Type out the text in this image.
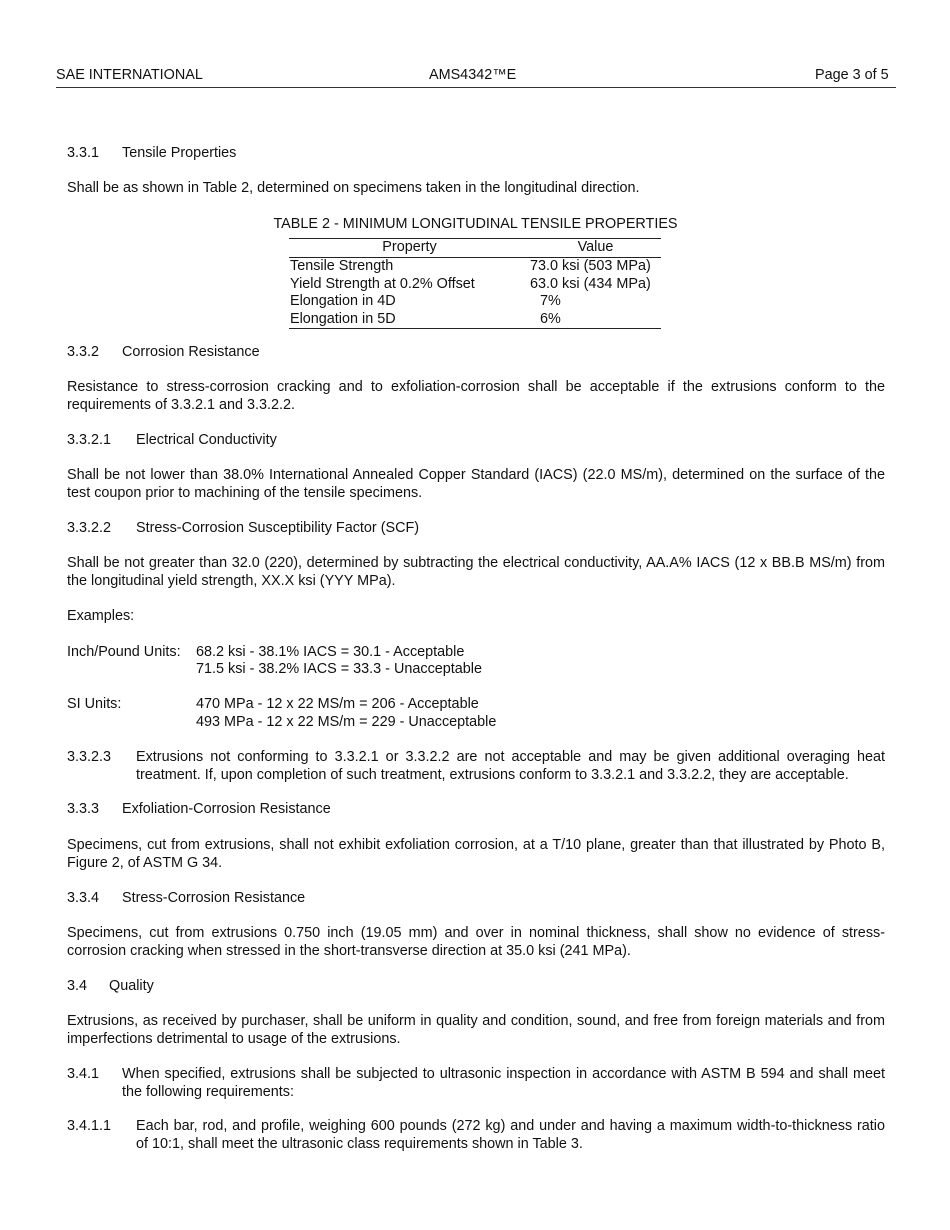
SAE INTERNATIONAL	AMS4342™E	Page 3 of 5
3.3.1 Tensile Properties
Shall be as shown in Table 2, determined on specimens taken in the longitudinal direction.
TABLE 2 - MINIMUM LONGITUDINAL TENSILE PROPERTIES
Property	Value
Tensile Strength	73.0 ksi (503 MPa)
Yield Strength at 0.2% Offset	63.0 ksi (434 MPa)
Elongation in 4D	7%
Elongation in 5D	6%
3.3.2 Corrosion Resistance
Resistance to stress-corrosion cracking and to exfoliation-corrosion shall be acceptable if the extrusions conform to the requirements of 3.3.2.1 and 3.3.2.2.
3.3.2.1 Electrical Conductivity
Shall be not lower than 38.0% International Annealed Copper Standard (IACS) (22.0 MS/m), determined on the surface of the test coupon prior to machining of the tensile specimens.
3.3.2.2 Stress-Corrosion Susceptibility Factor (SCF)
Shall be not greater than 32.0 (220), determined by subtracting the electrical conductivity, AA.A% IACS (12 x BB.B MS/m) from the longitudinal yield strength, XX.X ksi (YYY MPa).
Examples:
Inch/Pound Units: 68.2 ksi - 38.1% IACS = 30.1 - Acceptable
71.5 ksi - 38.2% IACS = 33.3 - Unacceptable
SI Units:	470 MPa - 12 x 22 MS/m = 206 - Acceptable
493 MPa - 12 x 22 MS/m = 229 - Unacceptable
3.3.2.3 Extrusions not conforming to 3.3.2.1 or 3.3.2.2 are not acceptable and may be given additional overaging heat treatment. If, upon completion of such treatment, extrusions conform to 3.3.2.1 and 3.3.2.2, they are acceptable.
3.3.3 Exfoliation-Corrosion Resistance
Specimens, cut from extrusions, shall not exhibit exfoliation corrosion, at a T/10 plane, greater than that illustrated by Photo B, Figure 2, of ASTM G 34.
3.3.4 Stress-Corrosion Resistance
Specimens, cut from extrusions 0.750 inch (19.05 mm) and over in nominal thickness, shall show no evidence of stress-corrosion cracking when stressed in the short-transverse direction at 35.0 ksi (241 MPa).
3.4 Quality
Extrusions, as received by purchaser, shall be uniform in quality and condition, sound, and free from foreign materials and from imperfections detrimental to usage of the extrusions.
3.4.1 When specified, extrusions shall be subjected to ultrasonic inspection in accordance with ASTM B 594 and shall meet the following requirements:
3.4.1.1 Each bar, rod, and profile, weighing 600 pounds (272 kg) and under and having a maximum width-to-thickness ratio of 10:1, shall meet the ultrasonic class requirements shown in Table 3.
